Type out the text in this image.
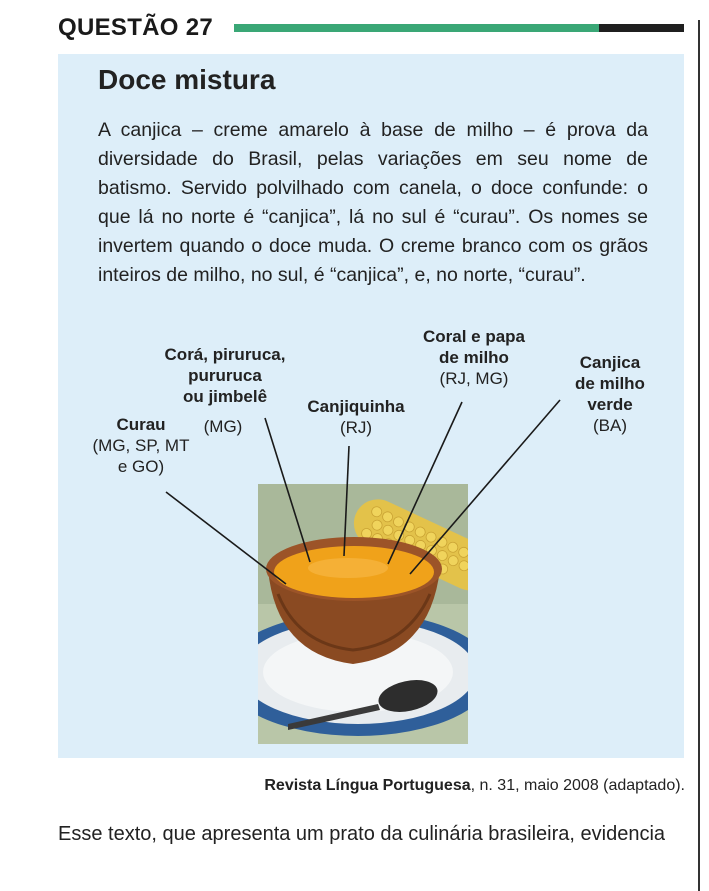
QUESTÃO 27
Doce mistura
A canjica – creme amarelo à base de milho – é prova da diversidade do Brasil, pelas variações em seu nome de batismo. Servido polvilhado com canela, o doce confunde: o que lá no norte é “canjica”, lá no sul é “curau”. Os nomes se invertem quando o doce muda. O creme branco com os grãos inteiros de milho, no sul, é “canjica”, e, no norte, “curau”.
Curau
(MG, SP, MT e GO)
Corá, piruruca,
pururuca
ou jimbelê
(MG)
Canjiquinha
(RJ)
Coral e papa
de milho
(RJ, MG)
Canjica
de milho
verde
(BA)
Revista Língua Portuguesa, n. 31, maio 2008 (adaptado).
Esse texto, que apresenta um prato da culinária brasileira, evidencia
